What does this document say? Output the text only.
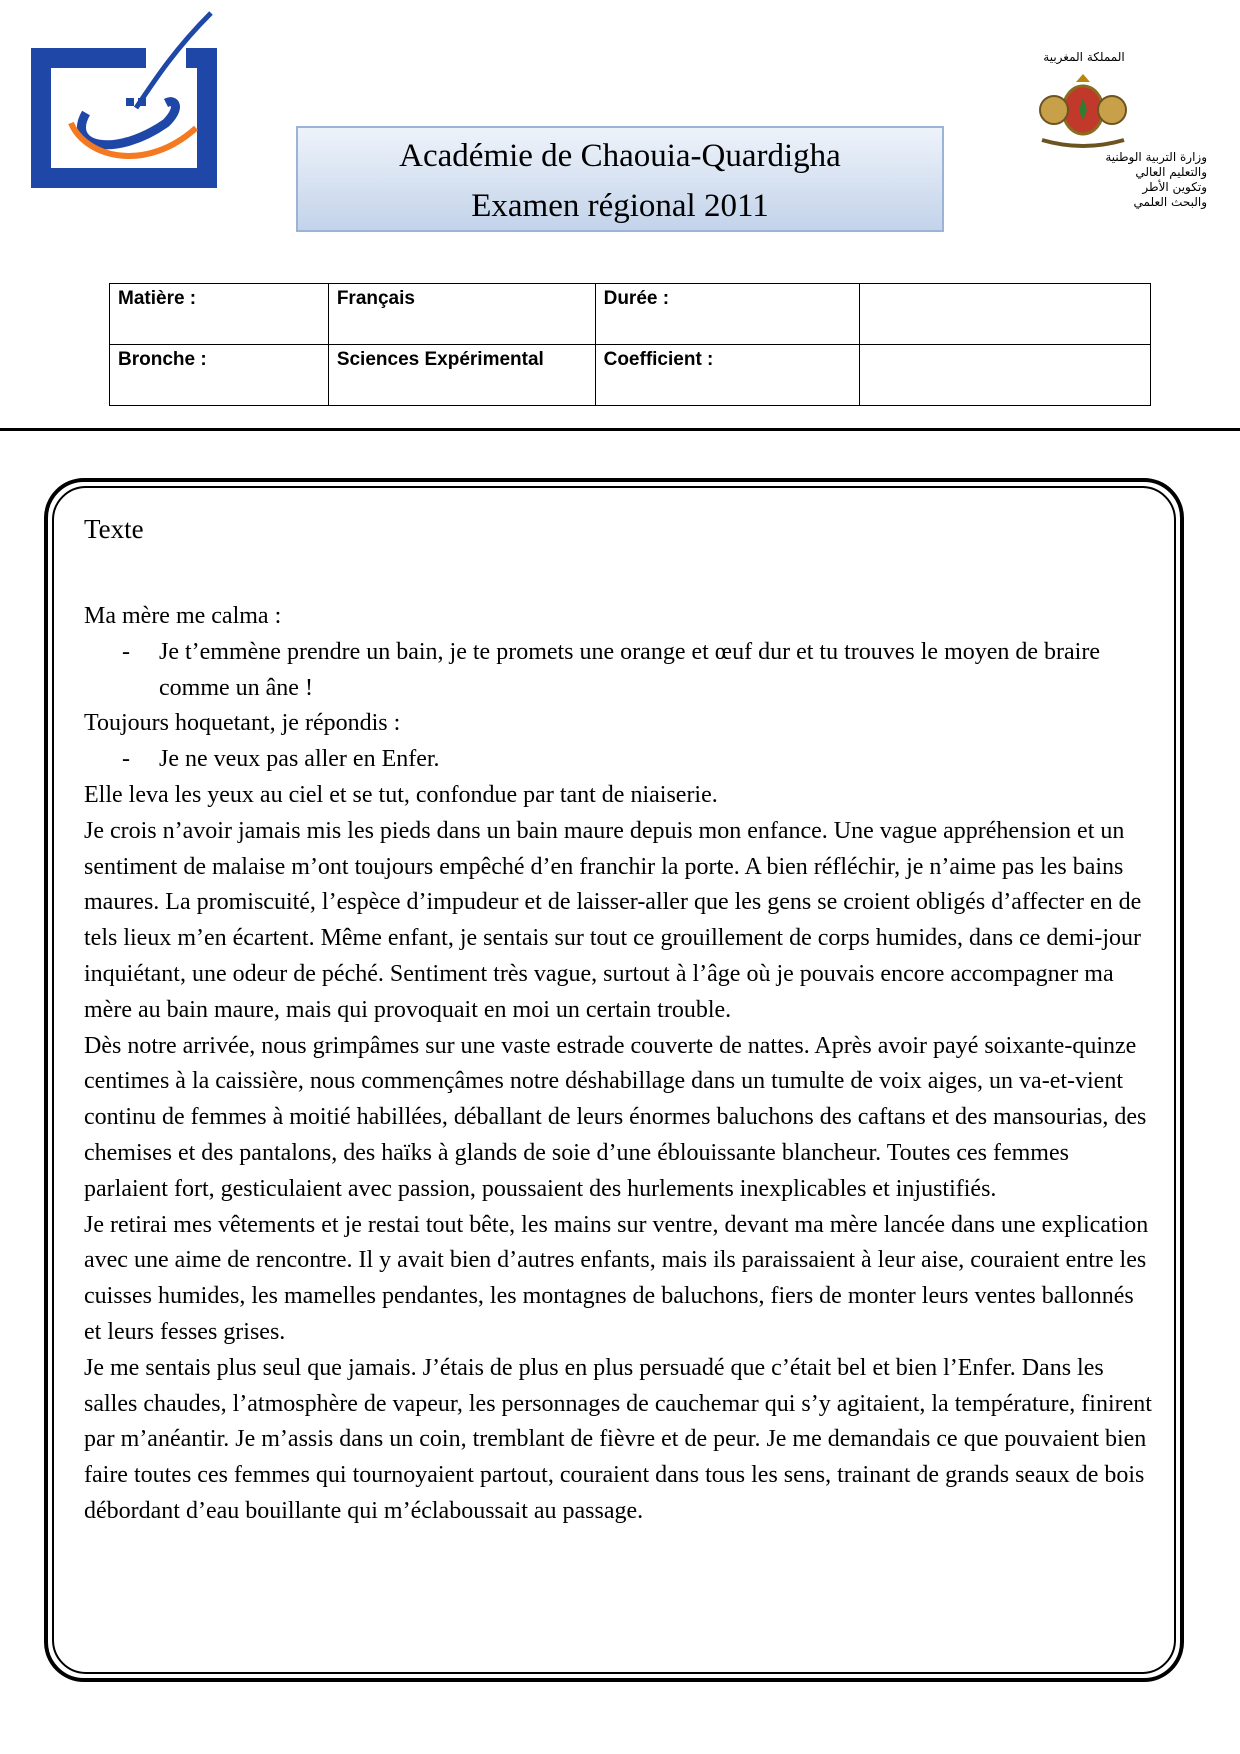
Académie de Chaouia-Quardigha
Examen régional 2011
المملكة المغربية
وزارة التربية الوطنية
والتعليم العالي
وتكوين الأطر
والبحث العلمي
Matière :	Français	Durée :	
Bronche :	Sciences Expérimental	Coefficient :	
Texte

Ma mère me calma :

- Je t’emmène prendre un bain, je te promets une orange et œuf dur et tu trouves le moyen de braire comme un âne !

Toujours hoquetant, je répondis :

- Je ne veux pas aller en Enfer.

Elle leva les yeux au ciel et se tut, confondue par tant de niaiserie.

Je crois n’avoir jamais mis les pieds dans un bain maure depuis mon enfance. Une vague appréhension et un sentiment de malaise m’ont toujours empêché d’en franchir la porte. A bien réfléchir, je n’aime pas les bains maures. La promiscuité, l’espèce d’impudeur et de laisser-aller que les gens se croient obligés d’affecter en de tels lieux m’en écartent. Même enfant, je sentais sur tout ce grouillement de corps humides, dans ce demi-jour inquiétant, une odeur de péché. Sentiment très vague, surtout à l’âge où je pouvais encore accompagner ma mère au bain maure, mais qui provoquait en moi un certain trouble.

Dès notre arrivée, nous grimpâmes sur une vaste estrade couverte de nattes. Après avoir payé soixante-quinze centimes à la caissière, nous commençâmes notre déshabillage dans un tumulte de voix aiges, un va-et-vient continu de femmes à moitié habillées, déballant de leurs énormes baluchons des caftans et des mansourias, des chemises et des pantalons, des haïks à glands de soie d’une éblouissante blancheur. Toutes ces femmes parlaient fort, gesticulaient avec passion, poussaient des hurlements inexplicables et injustifiés.

Je retirai mes vêtements et je restai tout bête, les mains sur ventre, devant ma mère lancée dans une explication avec une aime de rencontre. Il y avait bien d’autres enfants, mais ils paraissaient à leur aise, couraient entre les cuisses humides, les mamelles pendantes, les montagnes de baluchons, fiers de monter leurs ventes ballonnés et leurs fesses grises.

Je me sentais plus seul que jamais. J’étais de plus en plus persuadé que c’était bel et bien l’Enfer. Dans les salles chaudes, l’atmosphère de vapeur, les personnages de cauchemar qui s’y agitaient, la température, finirent par m’anéantir. Je m’assis dans un coin, tremblant de fièvre et de peur. Je me demandais ce que pouvaient bien faire toutes ces femmes qui tournoyaient partout, couraient dans tous les sens, trainant de grands seaux de bois débordant d’eau bouillante qui m’éclaboussait au passage.
